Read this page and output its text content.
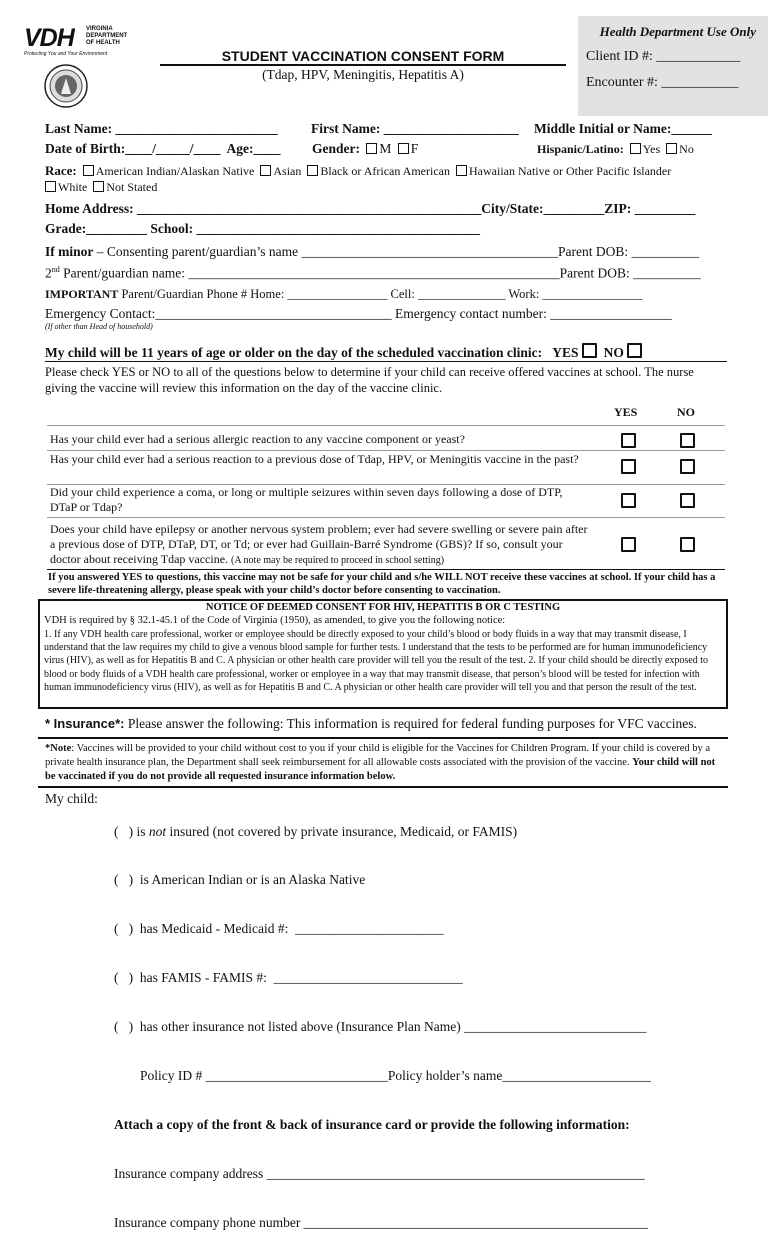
VDH VIRGINIA
DEPARTMENT
OF HEALTH
Protecting You and Your Environment	STUDENT VACCINATION CONSENT FORM
(Tdap, HPV, Meningitis, Hepatitis A)
Health Department Use Only
Client ID #: ____________
Encounter #: ___________
Last Name: ________________________ First Name: ____________________ Middle Initial or Name:______
Date of Birth:____/_____/____  Age:____ Gender: M F	Hispanic/Latino: Yes No
Race: American Indian/Alaskan Native Asian Black or African American Hawaiian Native or Other Pacific Islander
White Not Stated
Home Address: ___________________________________________________City/State:_________ZIP: _________
Grade:_________ School: __________________________________________
If minor – Consenting parent/guardian’s name ______________________________________Parent DOB: __________
2nd Parent/guardian name: _______________________________________________________Parent DOB: __________
IMPORTANT Parent/Guardian Phone # Home: ________________ Cell: ______________ Work: ________________
Emergency Contact:___________________________________ Emergency contact number: __________________
(If other than Head of household)
My child will be 11 years of age or older on the day of the scheduled vaccination clinic: YES NO
Please check YES or NO to all of the questions below to determine if your child can receive offered vaccines at school. The nurse giving the vaccine will review this information on the day of the vaccine clinic.
YES	NO
Has your child ever had a serious allergic reaction to any vaccine component or yeast?
Has your child ever had a serious reaction to a previous dose of Tdap, HPV, or Meningitis vaccine in the past?
Did your child experience a coma, or long or multiple seizures within seven days following a dose of DTP, DTaP or Tdap?
Does your child have epilepsy or another nervous system problem; ever had severe swelling or severe pain after a previous dose of DTP, DTaP, DT, or Td; or ever had Guillain-Barré Syndrome (GBS)? If so, consult your doctor about receiving Tdap vaccine. (A note may be required to proceed in school setting)
If you answered YES to questions, this vaccine may not be safe for your child and s/he WILL NOT receive these vaccines at school. If your child has a severe life-threatening allergy, please speak with your child’s doctor before consenting to vaccination.
NOTICE OF DEEMED CONSENT FOR HIV, HEPATITIS B OR C TESTING
VDH is required by § 32.1-45.1 of the Code of Virginia (1950), as amended, to give you the following notice:
1. If any VDH health care professional, worker or employee should be directly exposed to your child’s blood or body fluids in a way that may transmit disease, I understand that the law requires my child to give a venous blood sample for further tests. I understand that the tests to be performed are for human immunodeficiency virus (HIV), as well as for Hepatitis B and C. A physician or other health care provider will tell you the result of the test. 2. If your child should be directly exposed to blood or body fluids of a VDH health care professional, worker or employee in a way that may transmit disease, that person’s blood will be tested for infection with human immunodeficiency virus (HIV), as well as for Hepatitis B and C. A physician or other health care provider will tell you and that person the result of the test.
* Insurance*: Please answer the following: This information is required for federal funding purposes for VFC vaccines.
*Note: Vaccines will be provided to your child without cost to you if your child is eligible for the Vaccines for Children Program. If your child is covered by a private health insurance plan, the Department shall seek reimbursement for all allowable costs associated with the provision of the vaccine. Your child will not be vaccinated if you do not provide all requested insurance information below.
My child:

(   ) is not insured (not covered by private insurance, Medicaid, or FAMIS)

(   )  is American Indian or is an Alaska Native

(   )  has Medicaid - Medicaid #:  ______________________

(   )  has FAMIS - FAMIS #:  ____________________________

(   )  has other insurance not listed above (Insurance Plan Name) ___________________________

Policy ID # ___________________________Policy holder’s name______________________

Attach a copy of the front & back of insurance card or provide the following information:

Insurance company address ________________________________________________________

Insurance company phone number ___________________________________________________
